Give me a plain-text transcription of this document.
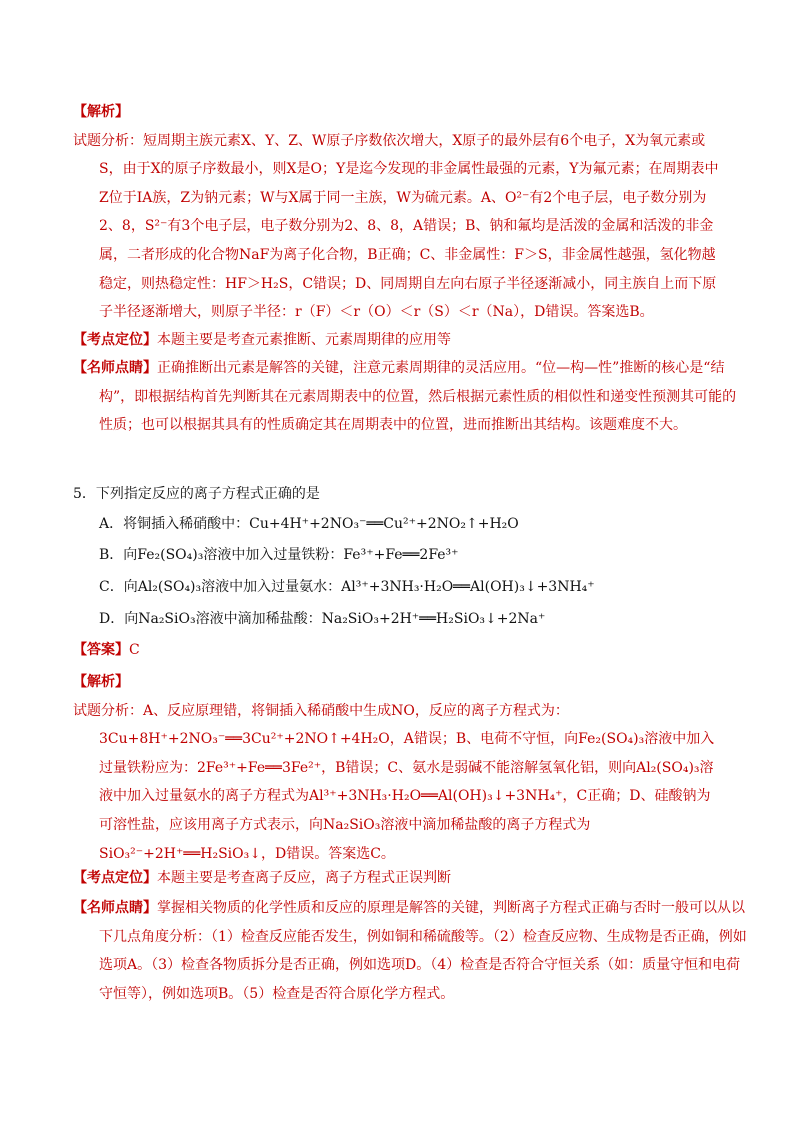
【解析】

试题分析：短周期主族元素X、Y、Z、W原子序数依次增大，X原子的最外层有6个电子，X为氧元素或S，由于X的原子序数最小，则X是O；Y是迄今发现的非金属性最强的元素，Y为氟元素；在周期表中Z位于ⅠA族，Z为钠元素；W与X属于同一主族，W为硫元素。A、O²⁻有2个电子层，电子数分别为2、8，S²⁻有3个电子层，电子数分别为2、8、8，A错误；B、钠和氟均是活泼的金属和活泼的非金属，二者形成的化合物NaF为离子化合物，B正确；C、非金属性：F＞S，非金属性越强，氢化物越稳定，则热稳定性：HF＞H₂S，C错误；D、同周期自左向右原子半径逐渐减小，同主族自上而下原子半径逐渐增大，则原子半径：r（F）＜r（O）＜r（S）＜r（Na），D错误。答案选B。

【考点定位】本题主要是考查元素推断、元素周期律的应用等
【名师点睛】正确推断出元素是解答的关键，注意元素周期律的灵活应用。“位—构—性”推断的核心是“结构”，即根据结构首先判断其在元素周期表中的位置，然后根据元素性质的相似性和递变性预测其可能的性质；也可以根据其具有的性质确定其在周期表中的位置，进而推断出其结构。该题难度不大。
5．下列指定反应的离子方程式正确的是
A．将铜插入稀硝酸中：Cu+4H⁺+2NO₃⁻══Cu²⁺+2NO₂↑+H₂O
B．向Fe₂(SO₄)₃溶液中加入过量铁粉：Fe³⁺+Fe══2Fe³⁺
C．向Al₂(SO₄)₃溶液中加入过量氨水：Al³⁺+3NH₃·H₂O══Al(OH)₃↓+3NH₄⁺
D．向Na₂SiO₃溶液中滴加稀盐酸：Na₂SiO₃+2H⁺══H₂SiO₃↓+2Na⁺
【答案】C

【解析】

试题分析：A、反应原理错，将铜插入稀硝酸中生成NO，反应的离子方程式为：3Cu+8H⁺+2NO₃⁻══3Cu²⁺+2NO↑+4H₂O，A错误；B、电荷不守恒，向Fe₂(SO₄)₃溶液中加入过量铁粉应为：2Fe³⁺+Fe══3Fe²⁺，B错误；C、氨水是弱碱不能溶解氢氧化铝，则向Al₂(SO₄)₃溶液中加入过量氨水的离子方程式为Al³⁺+3NH₃·H₂O══Al(OH)₃↓+3NH₄⁺，C正确；D、硅酸钠为可溶性盐，应该用离子方式表示，向Na₂SiO₃溶液中滴加稀盐酸的离子方程式为SiO₃²⁻+2H⁺══H₂SiO₃↓，D错误。答案选C。

【考点定位】本题主要是考查离子反应，离子方程式正误判断
【名师点睛】掌握相关物质的化学性质和反应的原理是解答的关键，判断离子方程式正确与否时一般可以从以下几点角度分析：（1）检查反应能否发生，例如铜和稀硫酸等。（2）检查反应物、生成物是否正确，例如选项A。（3）检查各物质拆分是否正确，例如选项D。（4）检查是否符合守恒关系（如：质量守恒和电荷守恒等），例如选项B。（5）检查是否符合原化学方程式。
